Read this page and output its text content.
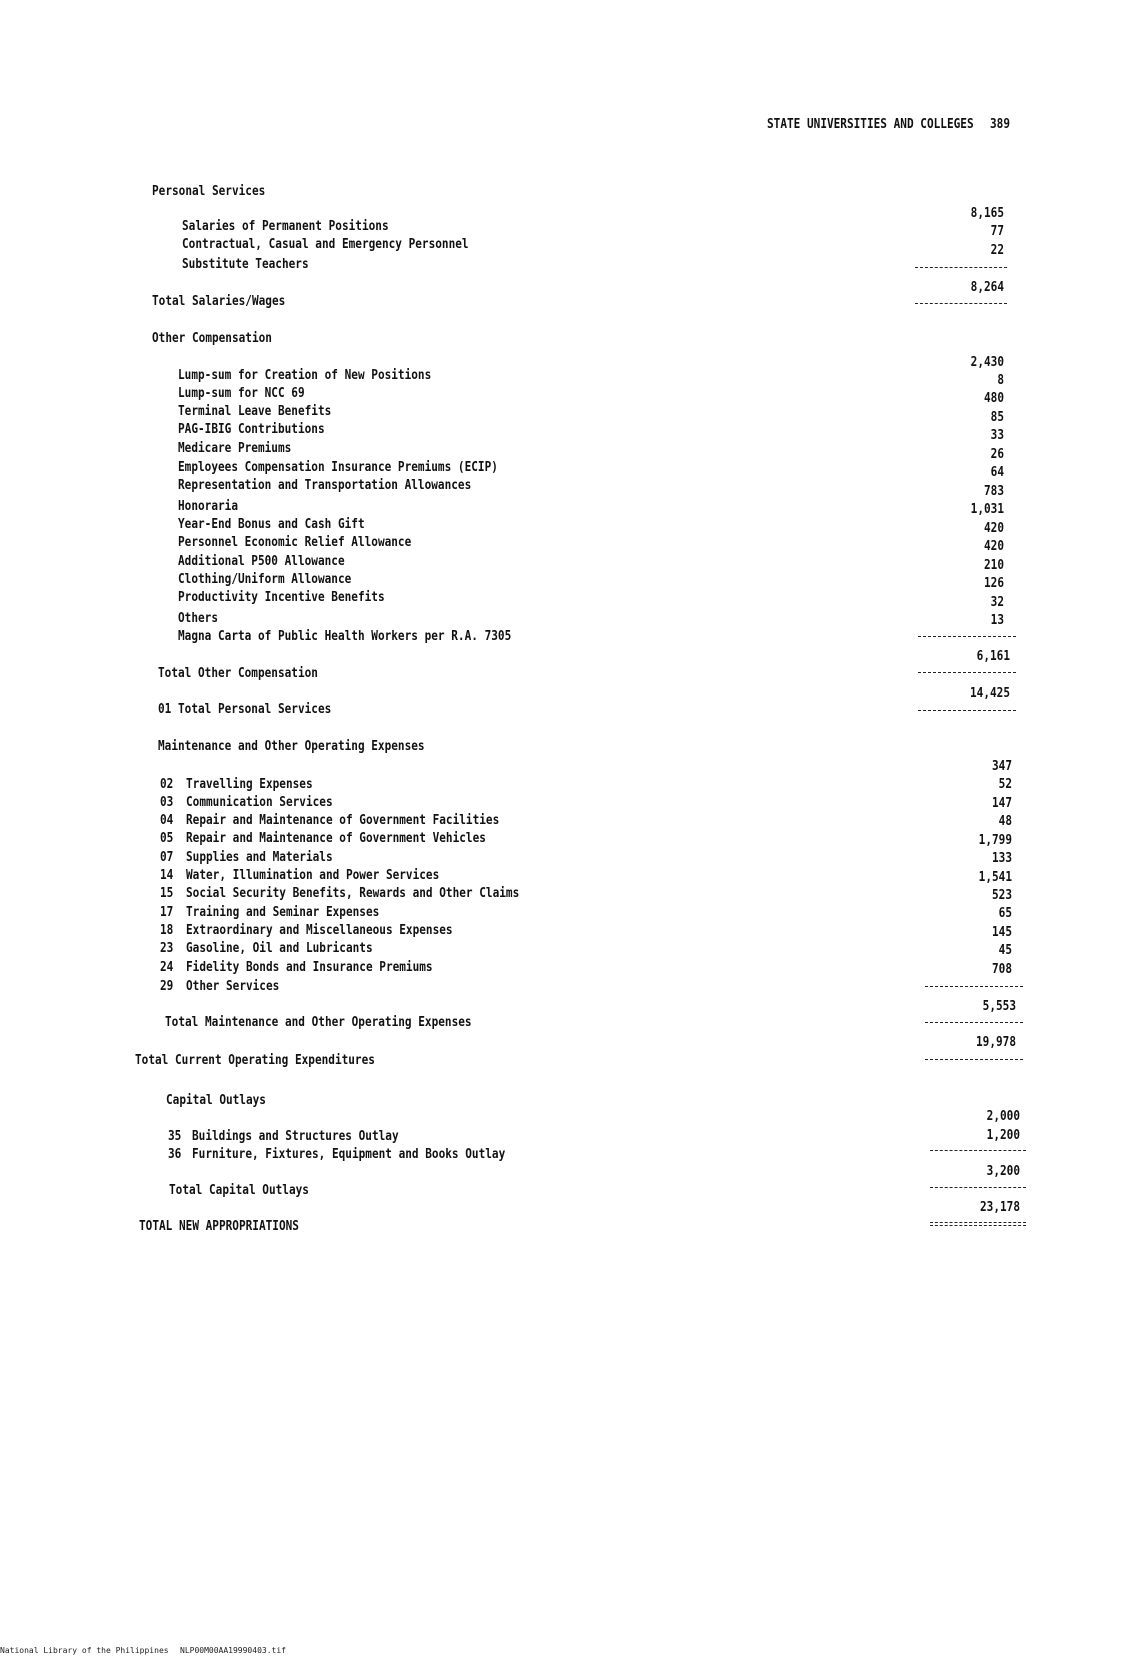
STATE UNIVERSITIES AND COLLEGES 389
Personal Services
Salaries of Permanent Positions
Contractual, Casual and Emergency Personnel
Substitute Teachers
8,165
77
22
8,264
Total Salaries/Wages
Other Compensation
Lump-sum for Creation of New Positions
Lump-sum for NCC 69
Terminal Leave Benefits
PAG-IBIG Contributions
Medicare Premiums
Employees Compensation Insurance Premiums (ECIP)
Representation and Transportation Allowances
Honoraria
Year-End Bonus and Cash Gift
Personnel Economic Relief Allowance
Additional P500 Allowance
Clothing/Uniform Allowance
Productivity Incentive Benefits
Others
Magna Carta of Public Health Workers per R.A. 7305
2,430
8
480
85
33
26
64
783
1,031
420
420
210
126
32
13
6,161
Total Other Compensation
14,425
01 Total Personal Services
Maintenance and Other Operating Expenses
02 Travelling Expenses
03 Communication Services
04 Repair and Maintenance of Government Facilities
05 Repair and Maintenance of Government Vehicles
07 Supplies and Materials
14 Water, Illumination and Power Services
15 Social Security Benefits, Rewards and Other Claims
17 Training and Seminar Expenses
18 Extraordinary and Miscellaneous Expenses
23 Gasoline, Oil and Lubricants
24 Fidelity Bonds and Insurance Premiums
29 Other Services
347
52
147
48
1,799
133
1,541
523
65
145
45
708
5,553
Total Maintenance and Other Operating Expenses
19,978
Total Current Operating Expenditures
Capital Outlays
35 Buildings and Structures Outlay
36 Furniture, Fixtures, Equipment and Books Outlay
2,000
1,200
3,200
Total Capital Outlays
23,178
TOTAL NEW APPROPRIATIONS
National Library of the Philippines NLP00M00AA19990403.tif
